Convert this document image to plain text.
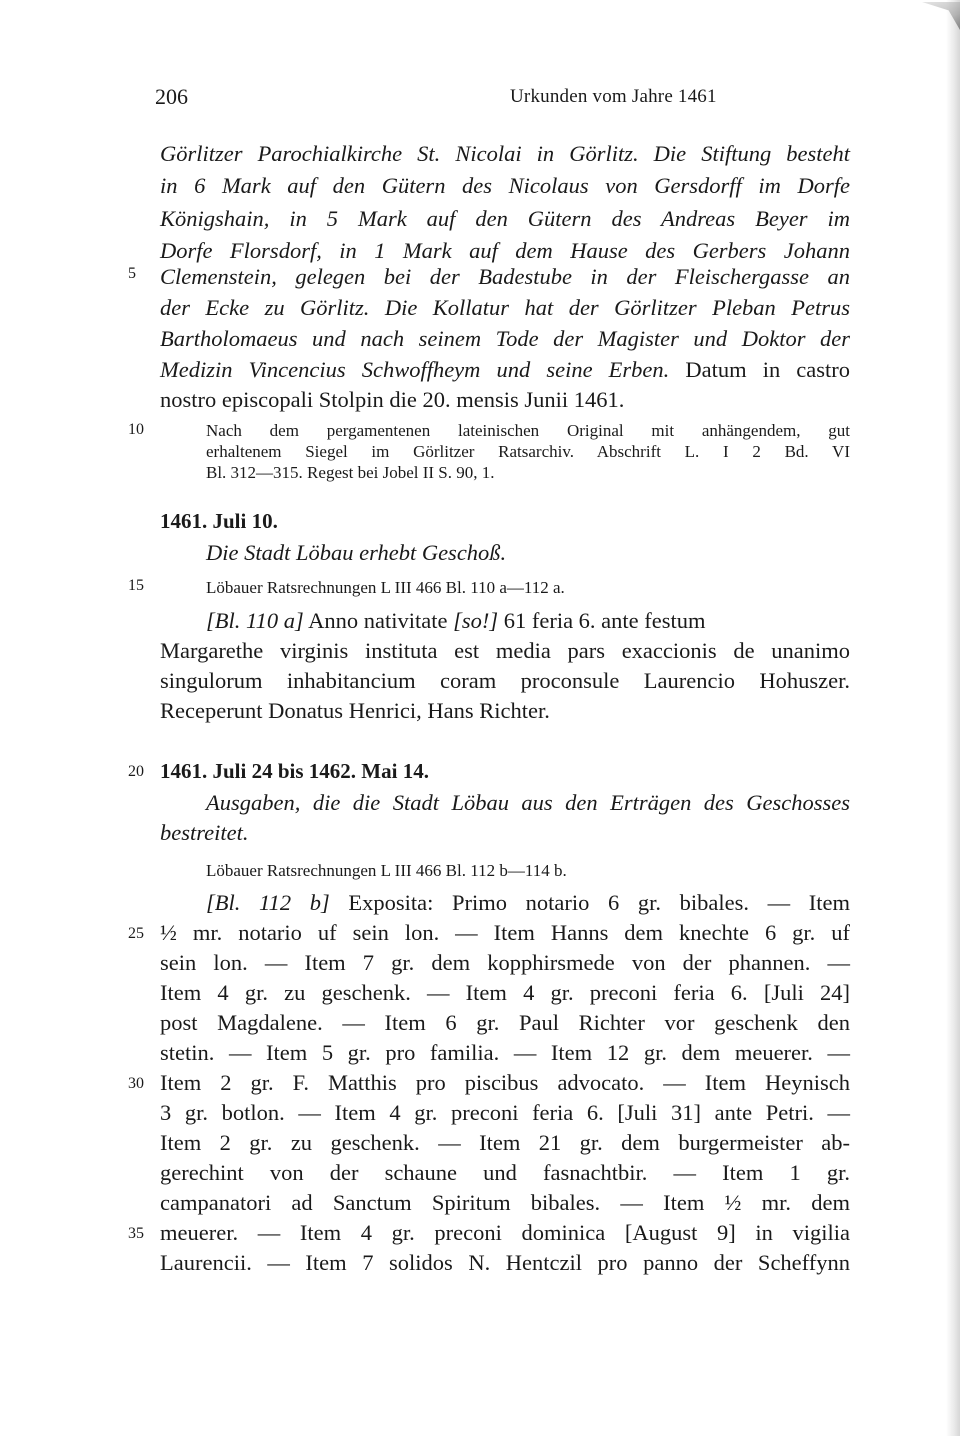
206	Urkunden vom Jahre 1461
Görlitzer Parochialkirche St. Nicolai in Görlitz. Die Stiftung besteht
in 6 Mark auf den Gütern des Nicolaus von Gersdorff im Dorfe
Königshain, in 5 Mark auf den Gütern des Andreas Beyer im
Dorfe Florsdorf, in 1 Mark auf dem Hause des Gerbers Johann
5 Clemenstein, gelegen bei der Badestube in der Fleischergasse an
der Ecke zu Görlitz. Die Kollatur hat der Görlitzer Pleban Petrus
Bartholomaeus und nach seinem Tode der Magister und Doktor der
Medizin Vincencius Schwoffheym und seine Erben. Datum in castro
nostro episcopali Stolpin die 20. mensis Junii 1461.
10	Nach dem pergamentenen lateinischen Original mit anhängendem, gut
erhaltenem Siegel im Görlitzer Ratsarchiv. Abschrift L. I 2 Bd. VI
Bl. 312—315. Regest bei Jobel II S. 90, 1.
1461. Juli 10.
Die Stadt Löbau erhebt Geschoß.
15	Löbauer Ratsrechnungen L III 466 Bl. 110 a—112 a.
[Bl. 110 a] Anno nativitate [so!] 61 feria 6. ante festum
Margarethe virginis instituta est media pars exaccionis de unanimo
singulorum inhabitancium coram proconsule Laurencio Hohuszer.
Receperunt Donatus Henrici, Hans Richter.
20 1461. Juli 24 bis 1462. Mai 14.
Ausgaben, die die Stadt Löbau aus den Erträgen des Geschosses
bestreitet.
Löbauer Ratsrechnungen L III 466 Bl. 112 b—114 b.
[Bl. 112 b] Exposita: Primo notario 6 gr. bibales. — Item
25 ½ mr. notario uf sein lon. — Item Hanns dem knechte 6 gr. uf
sein lon. — Item 7 gr. dem kopphirsmede von der phannen. —
Item 4 gr. zu geschenk. — Item 4 gr. preconi feria 6. [Juli 24]
post Magdalene. — Item 6 gr. Paul Richter vor geschenk den
stetin. — Item 5 gr. pro familia. — Item 12 gr. dem meuerer. —
30 Item 2 gr. F. Matthis pro piscibus advocato. — Item Heynisch
3 gr. botlon. — Item 4 gr. preconi feria 6. [Juli 31] ante Petri. —
Item 2 gr. zu geschenk. — Item 21 gr. dem burgermeister ab-
gerechint von der schaune und fasnachtbir. — Item 1 gr.
campanatori ad Sanctum Spiritum bibales. — Item ½ mr. dem
35 meuerer. — Item 4 gr. preconi dominica [August 9] in vigilia
Laurencii. — Item 7 solidos N. Hentczil pro panno der Scheffynn
